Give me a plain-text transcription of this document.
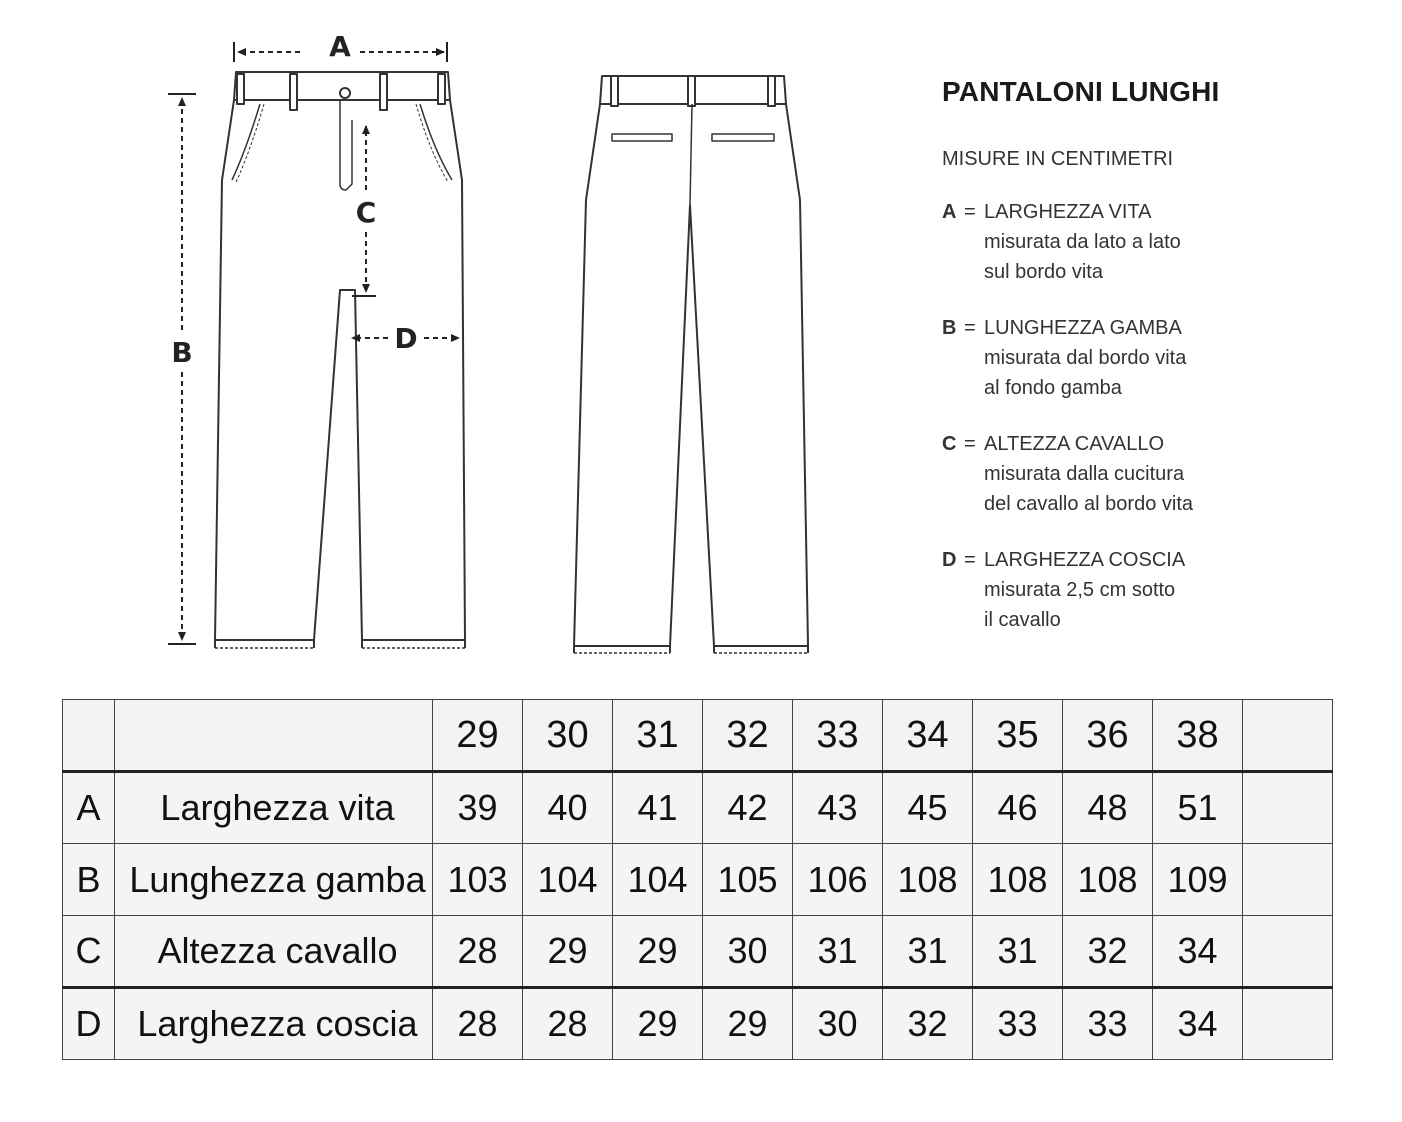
A
B
C
D
PANTALONI LUNGHI
MISURE IN CENTIMETRI
A = LARGHEZZA VITA
misurata da lato a lato
sul bordo vita
B = LUNGHEZZA GAMBA
misurata dal bordo vita
al fondo gamba
C = ALTEZZA CAVALLO
misurata dalla cucitura
del cavallo al bordo vita
D = LARGHEZZA COSCIA
misurata 2,5 cm sotto
il cavallo
		29	30	31	32	33	34	35	36	38	
A	Larghezza vita	39	40	41	42	43	45	46	48	51	
B	Lunghezza gamba	103	104	104	105	106	108	108	108	109	
C	Altezza cavallo	28	29	29	30	31	31	31	32	34	
D	Larghezza coscia	28	28	29	29	30	32	33	33	34	
